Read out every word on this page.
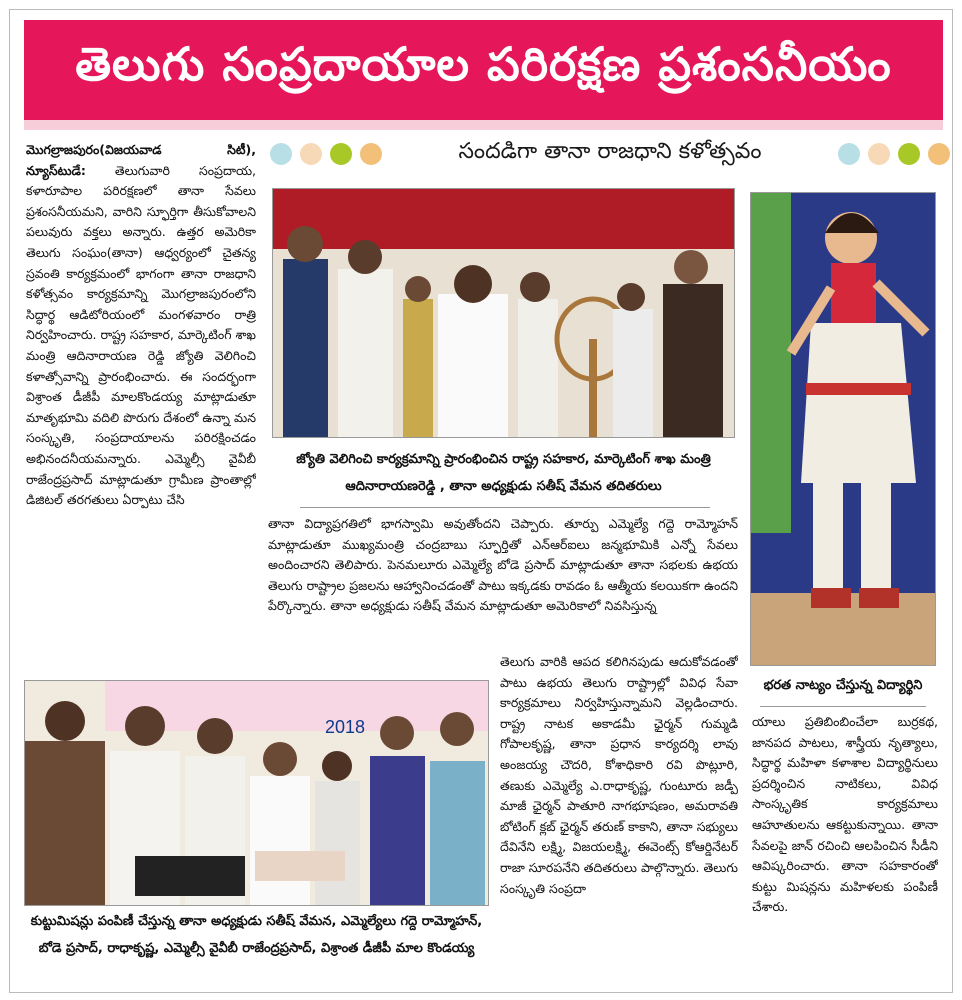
తెలుగు సంప్రదాయాల పరిరక్షణ ప్రశంసనీయం
సందడిగా తానా రాజధాని కళోత్సవం

మొగల్రాజపురం(విజయవాడ సిటీ), న్యూస్‌టుడే: తెలుగువారి సంప్రదాయ, కళారూపాల పరిరక్షణలో తానా సేవలు ప్రశంసనీయమని, వారిని స్ఫూర్తిగా తీసుకోవాలని పలువురు వక్తలు అన్నారు. ఉత్తర అమెరికా తెలుగు సంఘం(తానా) ఆధ్వర్యంలో చైతన్య స్రవంతి కార్యక్రమంలో భాగంగా తానా రాజధాని కళోత్సవం కార్యక్రమాన్ని మొగల్రాజపురంలోని సిద్ధార్థ ఆడిటోరియంలో మంగళవారం రాత్రి నిర్వహించారు. రాష్ట్ర సహకార, మార్కెటింగ్ శాఖ మంత్రి ఆదినారాయణ రెడ్డి జ్యోతి వెలిగించి కళాత్సోవాన్ని ప్రారంభించారు. ఈ సందర్భంగా విశ్రాంత డీజీపీ మాలకొండయ్య మాట్లాడుతూ మాతృభూమి వదిలి పొరుగు దేశంలో ఉన్నా మన సంస్కృతి, సంప్రదాయాలను పరిరక్షించడం అభినందనీయమన్నారు. ఎమ్మెల్సీ వైవీబీ రాజేంద్రప్రసాద్ మాట్లాడుతూ గ్రామీణ ప్రాంతాల్లో డిజిటల్ తరగతులు ఏర్పాటు చేసి

జ్యోతి వెలిగించి కార్యక్రమాన్ని ప్రారంభించిన రాష్ట్ర సహకార, మార్కెటింగ్ శాఖ మంత్రి ఆదినారాయణరెడ్డి , తానా అధ్యక్షుడు సతీష్ వేమన తదితరులు
భరత నాట్యం చేస్తున్న విద్యార్థిని

తానా విద్యాప్రగతిలో భాగస్వామి అవుతోందని చెప్పారు. తూర్పు ఎమ్మెల్యే గద్దె రామ్మోహన్ మాట్లాడుతూ ముఖ్యమంత్రి చంద్రబాబు స్ఫూర్తితో ఎన్ఆర్ఐలు జన్మభూమికి ఎన్నో సేవలు అందించారని తెలిపారు. పెనమలూరు ఎమ్మెల్యే బోడె ప్రసాద్ మాట్లాడుతూ తానా సభలకు ఉభయ తెలుగు రాష్ట్రాల ప్రజలను ఆహ్వానించడంతో పాటు ఇక్కడకు రావడం ఓ ఆత్మీయ కలయికగా ఉందని పేర్కొన్నారు. తానా అధ్యక్షుడు సతీష్ వేమన మాట్లాడుతూ అమెరికాలో నివసిస్తున్న

2018
కుట్టుమిషన్లు పంపిణీ చేస్తున్న తానా అధ్యక్షుడు సతీష్ వేమన, ఎమ్మెల్యేలు గద్దె రామ్మోహన్, బోడె ప్రసాద్, రాధాకృష్ణ, ఎమ్మెల్సీ వైవీబీ రాజేంద్రప్రసాద్, విశ్రాంత డీజీపీ మాల కొండయ్య

తెలుగు వారికి ఆపద కలిగినపుడు ఆదుకోవడంతో పాటు ఉభయ తెలుగు రాష్ట్రాల్లో వివిధ సేవా కార్యక్రమాలు నిర్వహిస్తున్నామని వెల్లడించారు. రాష్ట్ర నాటక అకాడమీ ఛైర్మన్ గుమ్మడి గోపాలకృష్ణ, తానా ప్రధాన కార్యదర్శి లావు అంజయ్య చౌదరి, కోశాధికారి రవి పొట్లూరి, తణుకు ఎమ్మెల్యే ఎ.రాధాకృష్ణ, గుంటూరు జడ్పీ మాజీ ఛైర్మన్ పాతూరి నాగభూషణం, అమరావతి బోటింగ్ క్లబ్ ఛైర్మన్ తరుణ్ కాకాని, తానా సభ్యులు దేవినేని లక్ష్మి, విజయలక్ష్మి, ఈవెంట్స్ కోఆర్డినేటర్ రాజా సూరపనేని తదితరులు పాల్గొన్నారు. తెలుగు సంస్కృతి సంప్రదా

యాలు ప్రతిబింబించేలా బుర్రకథ, జానపద పాటలు, శాస్త్రీయ నృత్యాలు, సిద్ధార్థ మహిళా కళాశాల విద్యార్థినులు ప్రదర్శించిన నాటికలు, వివిధ సాంస్కృతిక కార్యక్రమాలు ఆహూతులను ఆకట్టుకున్నాయి. తానా సేవలపై జాన్ రచించి ఆలపించిన సీడీని ఆవిష్కరించారు. తానా సహకారంతో కుట్టు మిషన్లను మహిళలకు పంపిణీ చేశారు.
